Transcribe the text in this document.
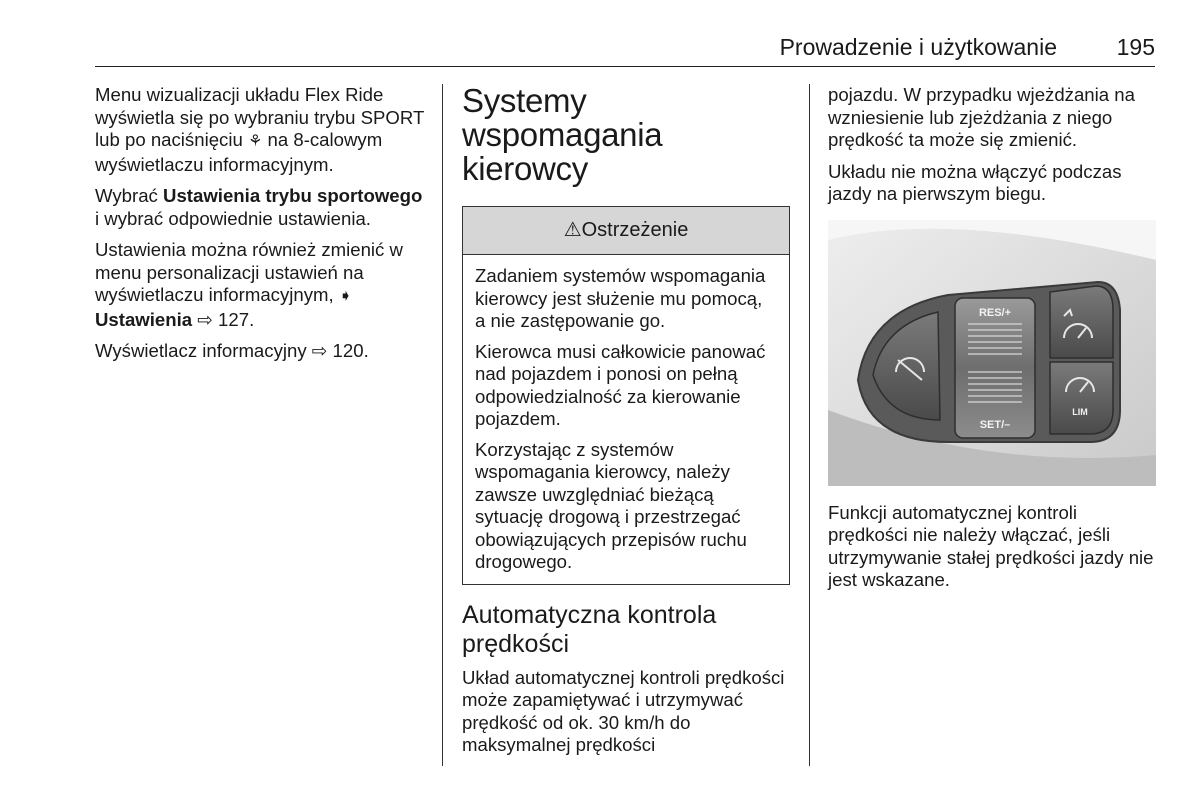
Prowadzenie i użytkowanie	195

Menu wizualizacji układu Flex Ride wyświetla się po wybraniu trybu SPORT lub po naciśnięciu ⚘ na 8-calowym wyświetlaczu informacyjnym.

Wybrać Ustawienia trybu sportowego i wybrać odpowiednie ustawienia.

Ustawienia można również zmienić w menu personalizacji ustawień na wyświetlaczu informacyjnym, ➧ Ustawienia ⇨ 127.

Wyświetlacz informacyjny ⇨ 120.

Systemy wspomagania kierowcy
⚠Ostrzeżenie

Zadaniem systemów wspomagania kierowcy jest służenie mu pomocą, a nie zastępowanie go.

Kierowca musi całkowicie panować nad pojazdem i ponosi on pełną odpowiedzialność za kierowanie pojazdem.

Korzystając z systemów wspomagania kierowcy, należy zawsze uwzględniać bieżącą sytuację drogową i przestrzegać obowiązujących przepisów ruchu drogowego.

Automatyczna kontrola prędkości

Układ automatycznej kontroli prędkości może zapamiętywać i utrzymywać prędkość od ok. 30 km/h do maksymalnej prędkości

pojazdu. W przypadku wjeżdżania na wzniesienie lub zjeżdżania z niego prędkość ta może się zmienić.

Układu nie można włączyć podczas jazdy na pierwszym biegu.

RES/+
SET/–
LIM

Funkcji automatycznej kontroli prędkości nie należy włączać, jeśli utrzymywanie stałej prędkości jazdy nie jest wskazane.
